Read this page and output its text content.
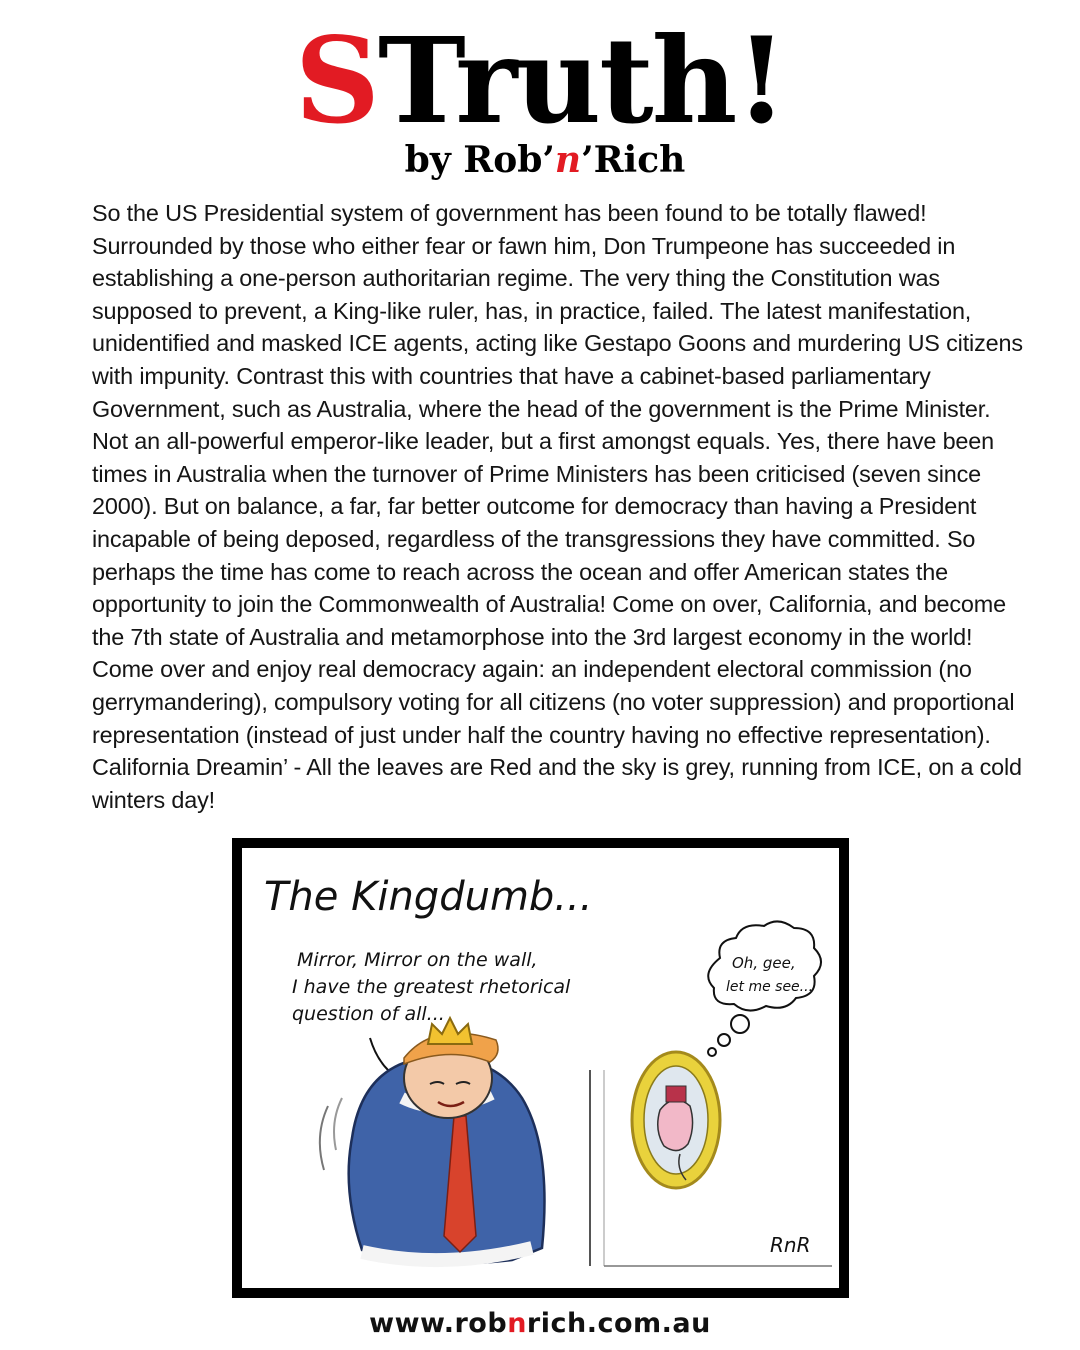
STruth!
by Rob’n’Rich

So the US Presidential system of government has been found to be totally flawed! Surrounded by those who either fear or fawn him, Don Trumpeone has succeeded in establishing a one-person authoritarian regime. The very thing the Constitution was supposed to prevent, a King-like ruler, has, in practice, failed. The latest manifestation, unidentified and masked ICE agents, acting like Gestapo Goons and murdering US citizens with impunity. Contrast this with countries that have a cabinet-based parliamentary Government, such as Australia, where the head of the government is the Prime Minister. Not an all-powerful emperor-like leader, but a first amongst equals. Yes, there have been times in Australia when the turnover of Prime Ministers has been criticised (seven since 2000). But on balance, a far, far better outcome for democracy than having a President incapable of being deposed, regardless of the transgressions they have committed. So perhaps the time has come to reach across the ocean and offer American states the opportunity to join the Commonwealth of Australia! Come on over, California, and become the 7th state of Australia and metamorphose into the 3rd largest economy in the world! Come over and enjoy real democracy again: an independent electoral commission (no gerrymandering), compulsory voting for all citizens (no voter suppression) and proportional representation (instead of just under half the country having no effective representation). California Dreamin’ - All the leaves are Red and the sky is grey, running from ICE, on a cold winters day!

The Kingdumb...
Mirror, Mirror on the wall,
I have the greatest rhetorical
question of all...
Oh, gee,
let me see...
RnR
www.robnrich.com.au
